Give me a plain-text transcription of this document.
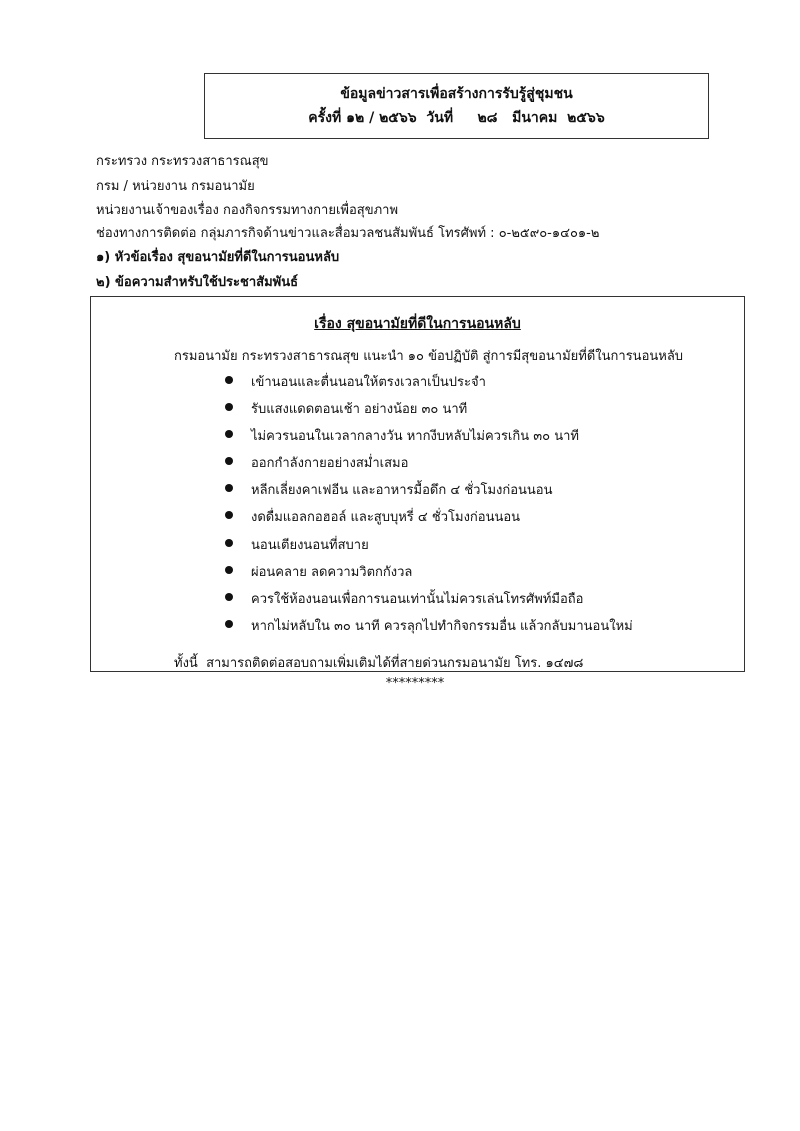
ข้อมูลข่าวสารเพื่อสร้างการรับรู้สู่ชุมชน
ครั้งที่ ๑๒ / ๒๕๖๖  วันที่     ๒๘   มีนาคม  ๒๕๖๖
กระทรวง กระทรวงสาธารณสุข
กรม / หน่วยงาน กรมอนามัย
หน่วยงานเจ้าของเรื่อง กองกิจกรรมทางกายเพื่อสุขภาพ
ช่องทางการติดต่อ กลุ่มภารกิจด้านข่าวและสื่อมวลชนสัมพันธ์ โทรศัพท์ : ๐-๒๕๙๐-๑๔๐๑-๒
๑) หัวข้อเรื่อง สุขอนามัยที่ดีในการนอนหลับ
๒) ข้อความสำหรับใช้ประชาสัมพันธ์
เรื่อง สุขอนามัยที่ดีในการนอนหลับ
กรมอนามัย กระทรวงสาธารณสุข แนะนำ ๑๐ ข้อปฏิบัติ สู่การมีสุขอนามัยที่ดีในการนอนหลับ
เข้านอนและตื่นนอนให้ตรงเวลาเป็นประจำ
รับแสงแดดตอนเช้า อย่างน้อย ๓๐ นาที
ไม่ควรนอนในเวลากลางวัน หากงีบหลับไม่ควรเกิน ๓๐ นาที
ออกกำลังกายอย่างสม่ำเสมอ
หลีกเลี่ยงคาเฟอีน และอาหารมื้อดึก ๔ ชั่วโมงก่อนนอน
งดดื่มแอลกอฮอล์ และสูบบุหรี่ ๔ ชั่วโมงก่อนนอน
นอนเตียงนอนที่สบาย
ผ่อนคลาย ลดความวิตกกังวล
ควรใช้ห้องนอนเพื่อการนอนเท่านั้นไม่ควรเล่นโทรศัพท์มือถือ
หากไม่หลับใน ๓๐ นาที ควรลุกไปทำกิจกรรมอื่น แล้วกลับมานอนใหม่
ทั้งนี้  สามารถติดต่อสอบถามเพิ่มเติมได้ที่สายด่วนกรมอนามัย โทร. ๑๔๗๘
*********
